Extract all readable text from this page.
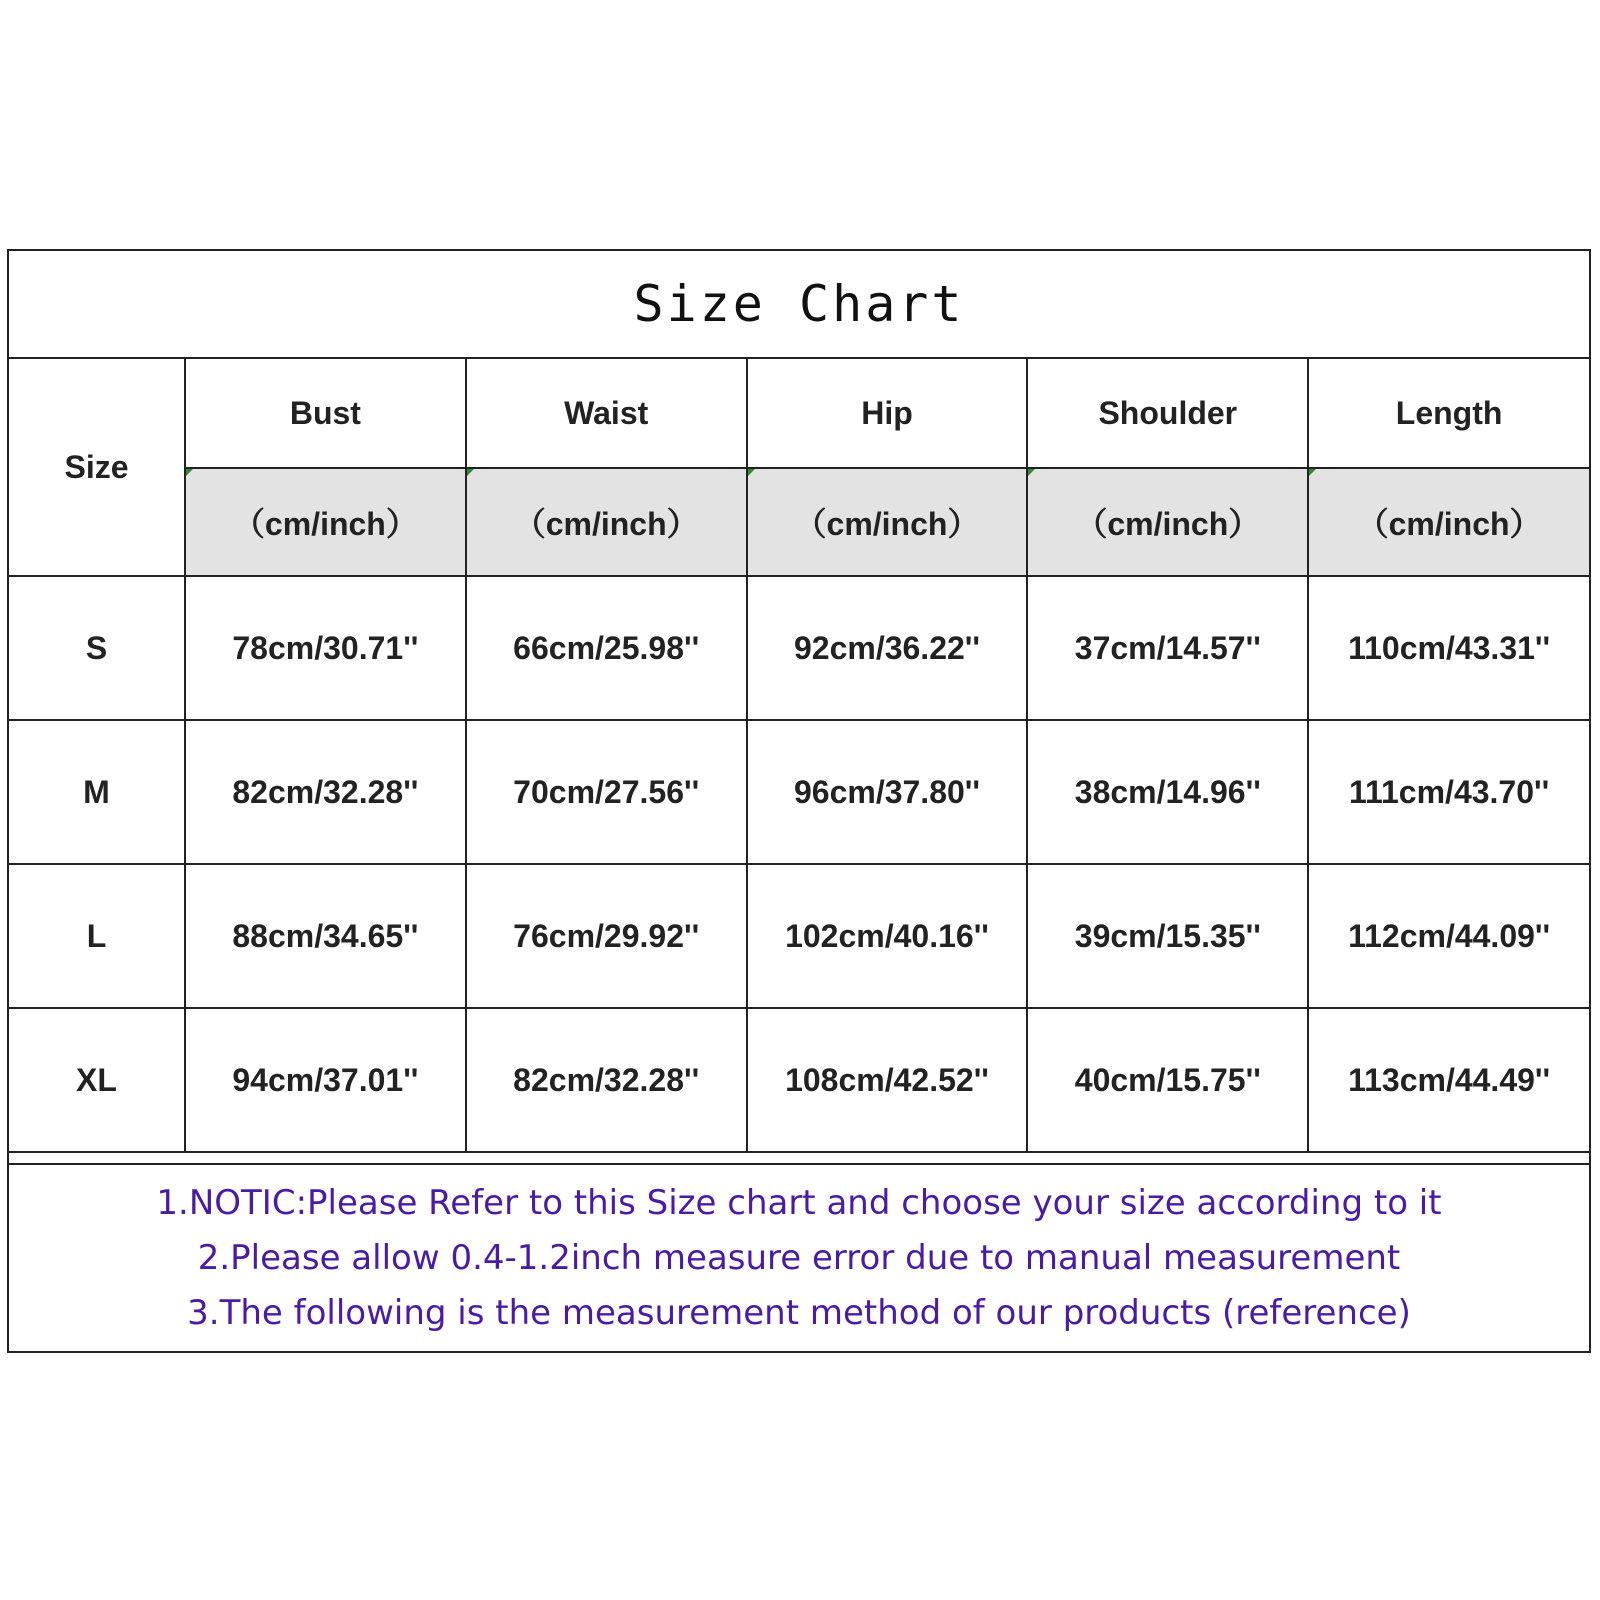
Size Chart
Size	Bust	Waist	Hip	Shoulder	Length
	（cm/inch）	（cm/inch）	（cm/inch）	（cm/inch）	（cm/inch）
S	78cm/30.71''	66cm/25.98''	92cm/36.22''	37cm/14.57''	110cm/43.31''
M	82cm/32.28''	70cm/27.56''	96cm/37.80''	38cm/14.96''	111cm/43.70''
L	88cm/34.65''	76cm/29.92''	102cm/40.16''	39cm/15.35''	112cm/44.09''
XL	94cm/37.01''	82cm/32.28''	108cm/42.52''	40cm/15.75''	113cm/44.49''
1.NOTIC:Please Refer to this Size chart and choose your size according to it
2.Please allow 0.4-1.2inch measure error due to manual measurement
3.The following is the measurement method of our products (reference)
